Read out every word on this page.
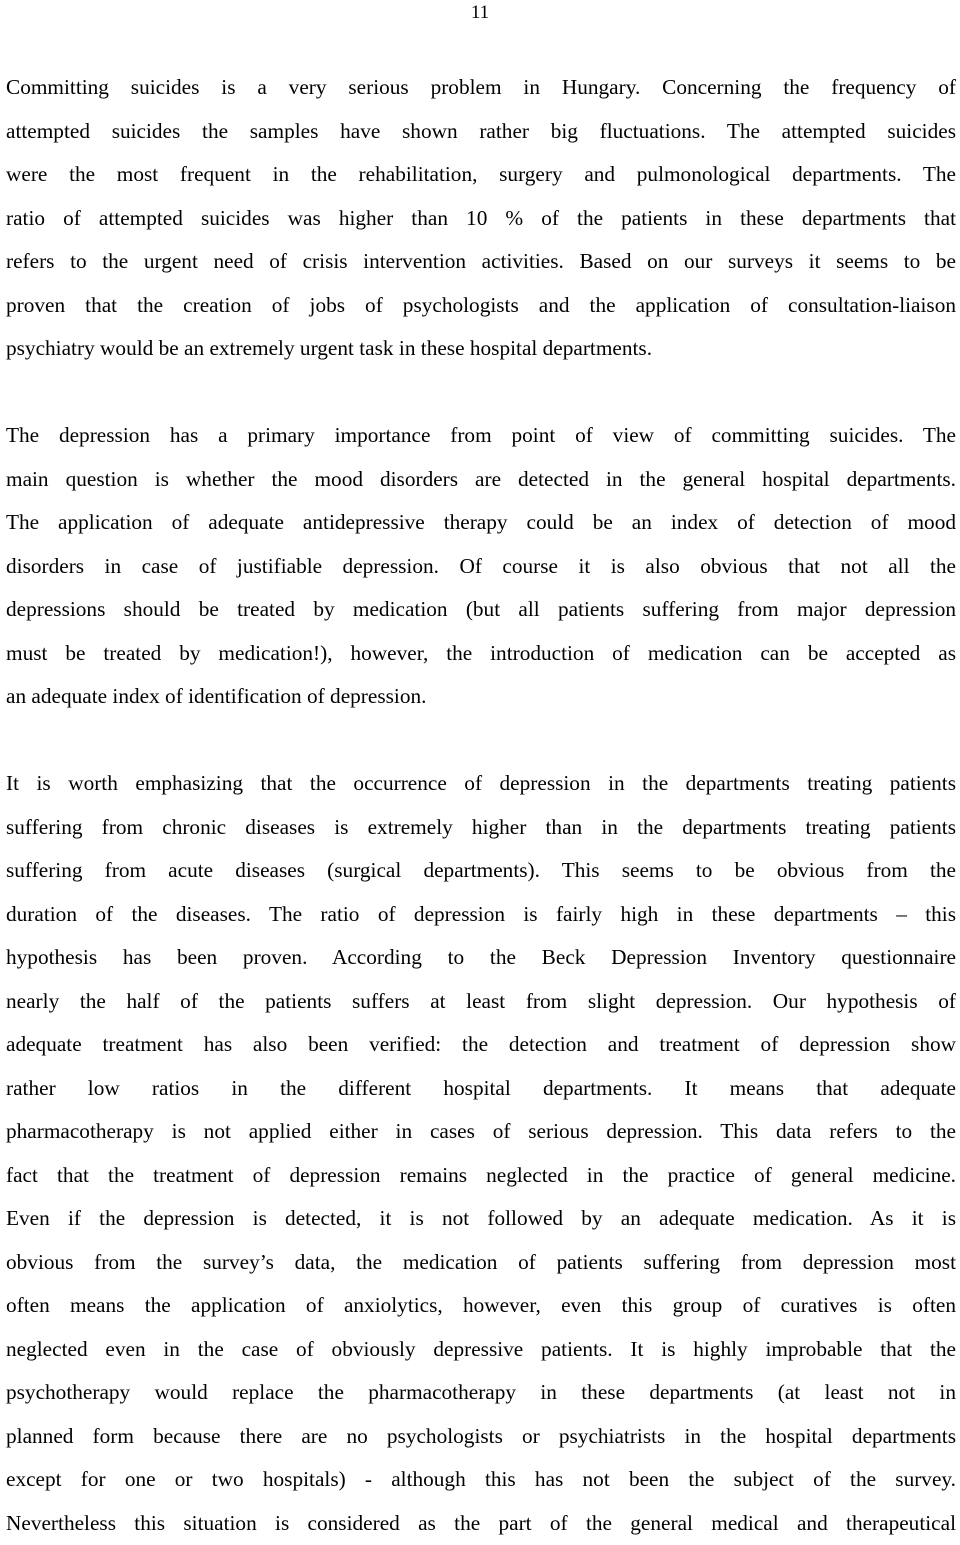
11

Committing suicides is a very serious problem in Hungary. Concerning the frequency of
attempted suicides the samples have shown rather big fluctuations. The attempted suicides
were the most frequent in the rehabilitation, surgery and pulmonological departments. The
ratio of attempted suicides was higher than 10 % of the patients in these departments that
refers to the urgent need of crisis intervention activities. Based on our surveys it seems to be
proven that the creation of jobs of psychologists and the application of consultation-liaison
psychiatry would be an extremely urgent task in these hospital departments.

The depression has a primary importance from point of view of committing suicides. The
main question is whether the mood disorders are detected in the general hospital departments.
The application of adequate antidepressive therapy could be an index of detection of mood
disorders in case of justifiable depression. Of course it is also obvious that not all the
depressions should be treated by medication (but all patients suffering from major depression
must be treated by medication!), however, the introduction of medication can be accepted as
an adequate index of identification of depression.

It is worth emphasizing that the occurrence of depression in the departments treating patients
suffering from chronic diseases is extremely higher than in the departments treating patients
suffering from acute diseases (surgical departments). This seems to be obvious from the
duration of the diseases. The ratio of depression is fairly high in these departments – this
hypothesis has been proven. According to the Beck Depression Inventory questionnaire
nearly the half of the patients suffers at least from slight depression. Our hypothesis of
adequate treatment has also been verified: the detection and treatment of depression show
rather low ratios in the different hospital departments. It means that adequate
pharmacotherapy is not applied either in cases of serious depression. This data refers to the
fact that the treatment of depression remains neglected in the practice of general medicine.
Even if the depression is detected, it is not followed by an adequate medication. As it is
obvious from the survey’s data, the medication of patients suffering from depression most
often means the application of anxiolytics, however, even this group of curatives is often
neglected even in the case of obviously depressive patients. It is highly improbable that the
psychotherapy would replace the pharmacotherapy in these departments (at least not in
planned form because there are no psychologists or psychiatrists in the hospital departments
except for one or two hospitals) - although this has not been the subject of the survey.
Nevertheless this situation is considered as the part of the general medical and therapeutical
